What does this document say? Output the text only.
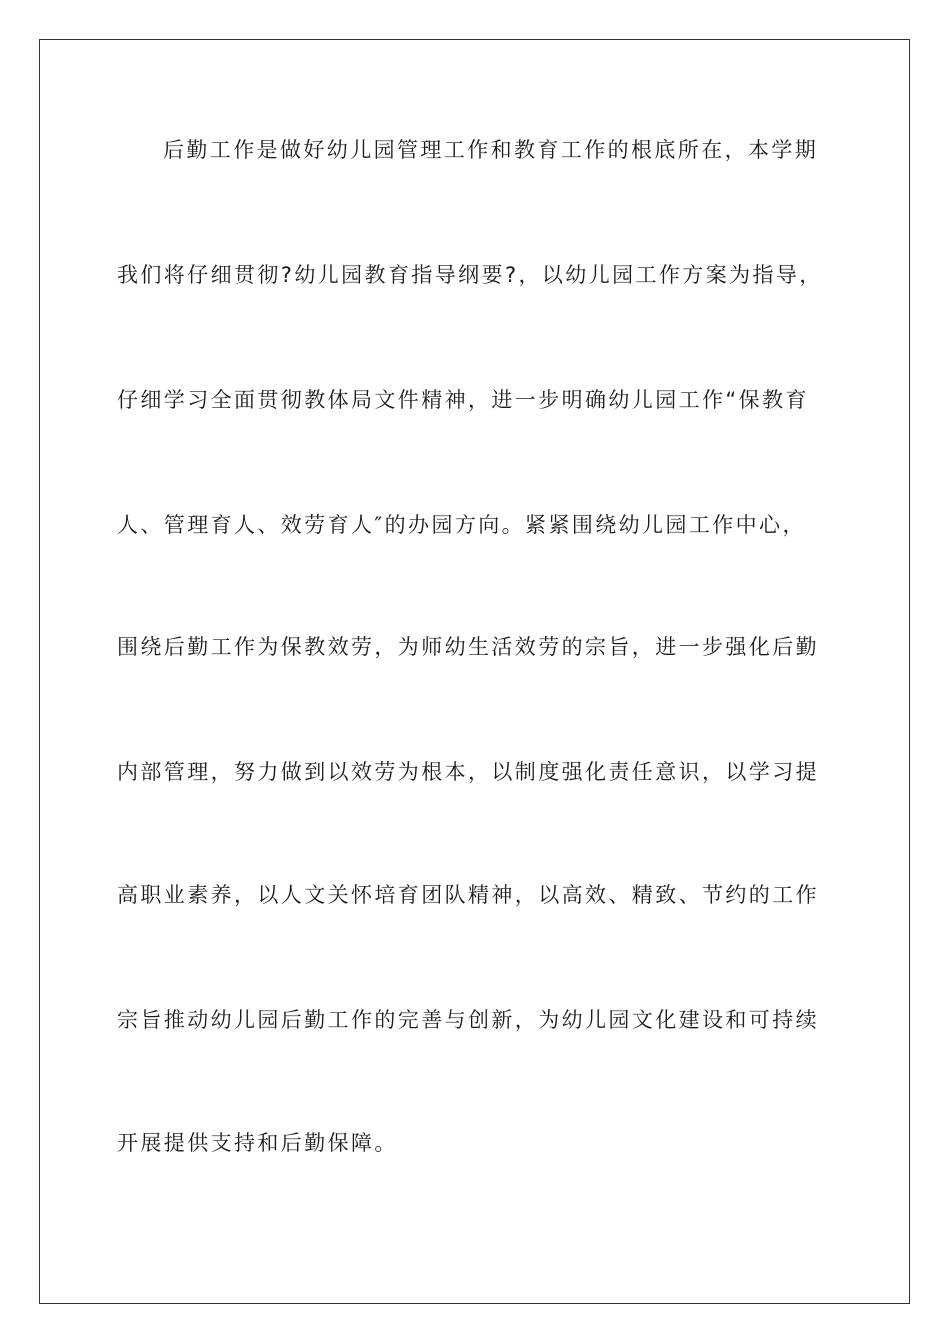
后勤工作是做好幼儿园管理工作和教育工作的根底所在，本学期
我们将仔细贯彻?幼儿园教育指导纲要?，以幼儿园工作方案为指导，
仔细学习全面贯彻教体局文件精神，进一步明确幼儿园工作“保教育
人、管理育人、效劳育人″的办园方向。紧紧围绕幼儿园工作中心，
围绕后勤工作为保教效劳，为师幼生活效劳的宗旨，进一步强化后勤
内部管理，努力做到以效劳为根本，以制度强化责任意识，以学习提
高职业素养，以人文关怀培育团队精神，以高效、精致、节约的工作
宗旨推动幼儿园后勤工作的完善与创新，为幼儿园文化建设和可持续
开展提供支持和后勤保障。
